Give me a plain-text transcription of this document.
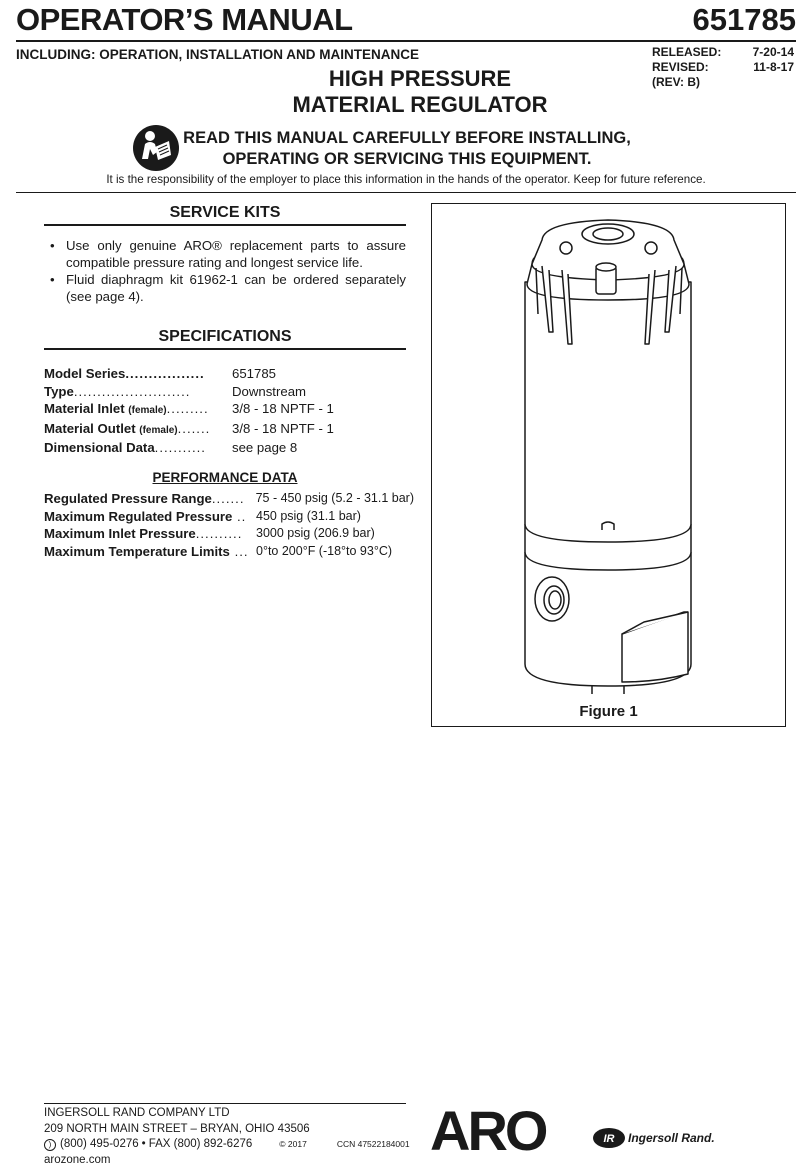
OPERATOR’S MANUAL	651785
INCLUDING: OPERATION, INSTALLATION AND MAINTENANCE	RELEASED:	7-20-14
REVISED:	11-8-17
(REV: B)
HIGH PRESSURE
MATERIAL REGULATOR
READ THIS MANUAL CAREFULLY BEFORE INSTALLING,
OPERATING OR SERVICING THIS EQUIPMENT.
It is the responsibility of the employer to place this information in the hands of the operator. Keep for future reference.
SERVICE KITS
• Use only genuine ARO® replacement parts to assure compatible pressure rating and longest service life.
• Fluid diaphragm kit 61962-1 can be ordered separately (see page 4).
SPECIFICATIONS
Model Series.................	651785
Type.........................	Downstream
Material Inlet (female).........	3/8 - 18 NPTF - 1
Material Outlet (female).......	3/8 - 18 NPTF - 1
Dimensional Data...........	see page 8
PERFORMANCE DATA
Regulated Pressure Range....... 75 - 450 psig (5.2 - 31.1 bar)
Maximum Regulated Pressure .. 450 psig (31.1 bar)
Maximum Inlet Pressure..........	3000 psig (206.9 bar)
Maximum Temperature Limits ... 0°to 200°F (-18°to 93°C)
Figure 1
INGERSOLL RAND COMPANY LTD
209 NORTH MAIN STREET – BRYAN, OHIO 43506
) (800) 495-0276 • FAX (800) 892-6276	© 2017	CCN 47522184001
arozone.com	ARO	IR Ingersoll Rand.
